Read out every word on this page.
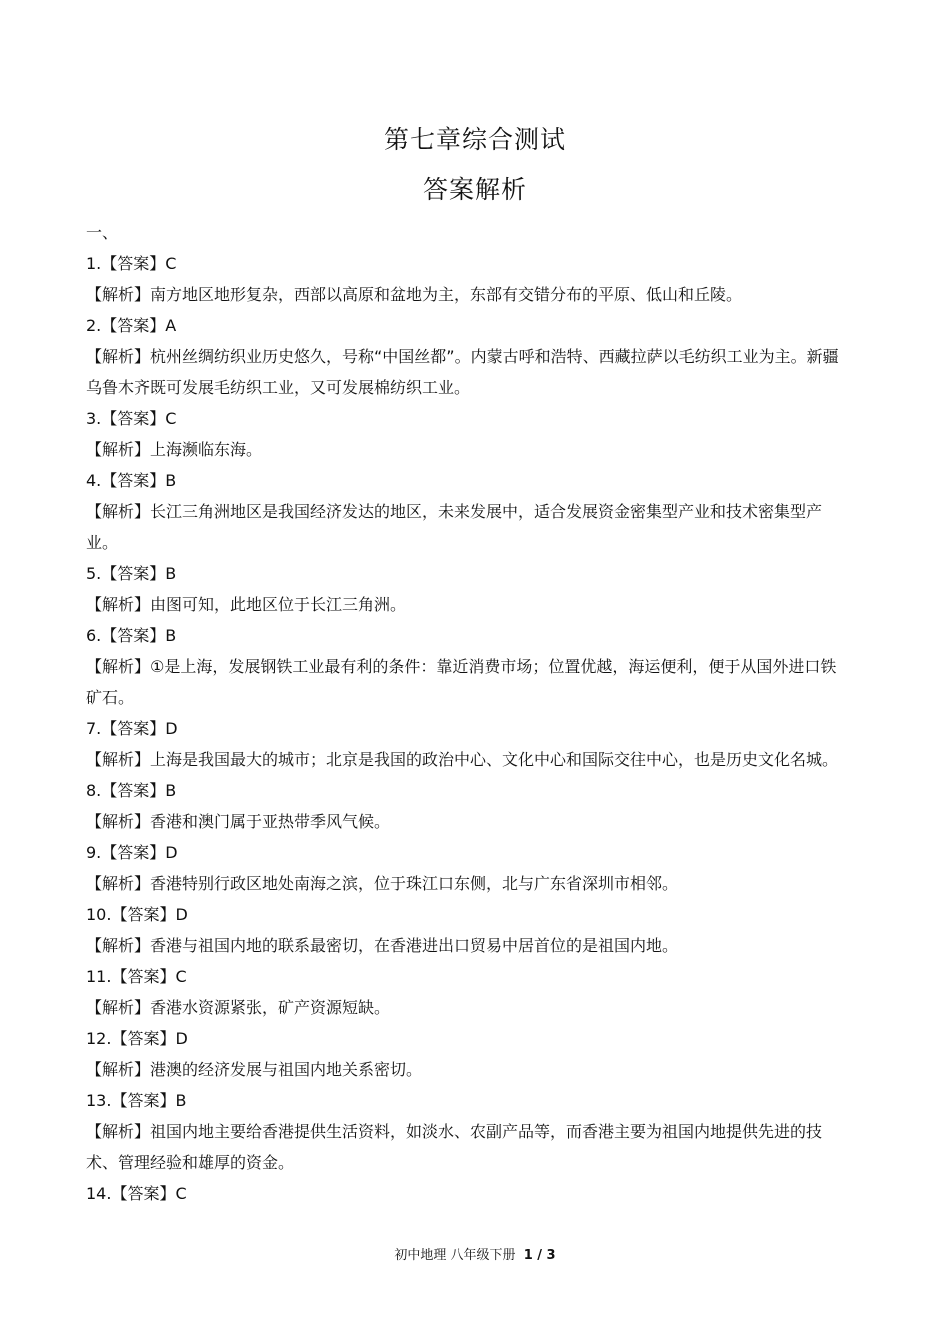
第七章综合测试
答案解析

一、

1.【答案】C

【解析】南方地区地形复杂，西部以高原和盆地为主，东部有交错分布的平原、低山和丘陵。

2.【答案】A

【解析】杭州丝绸纺织业历史悠久，号称“中国丝都”。内蒙古呼和浩特、西藏拉萨以毛纺织工业为主。新疆乌鲁木齐既可发展毛纺织工业，又可发展棉纺织工业。

3.【答案】C

【解析】上海濒临东海。

4.【答案】B

【解析】长江三角洲地区是我国经济发达的地区，未来发展中，适合发展资金密集型产业和技术密集型产业。

5.【答案】B

【解析】由图可知，此地区位于长江三角洲。

6.【答案】B

【解析】①是上海，发展钢铁工业最有利的条件：靠近消费市场；位置优越，海运便利，便于从国外进口铁矿石。

7.【答案】D

【解析】上海是我国最大的城市；北京是我国的政治中心、文化中心和国际交往中心，也是历史文化名城。

8.【答案】B

【解析】香港和澳门属于亚热带季风气候。

9.【答案】D

【解析】香港特别行政区地处南海之滨，位于珠江口东侧，北与广东省深圳市相邻。

10.【答案】D

【解析】香港与祖国内地的联系最密切，在香港进出口贸易中居首位的是祖国内地。

11.【答案】C

【解析】香港水资源紧张，矿产资源短缺。

12.【答案】D

【解析】港澳的经济发展与祖国内地关系密切。

13.【答案】B

【解析】祖国内地主要给香港提供生活资料，如淡水、农副产品等，而香港主要为祖国内地提供先进的技术、管理经验和雄厚的资金。

14.【答案】C

初中地理 八年级下册 1 / 3
